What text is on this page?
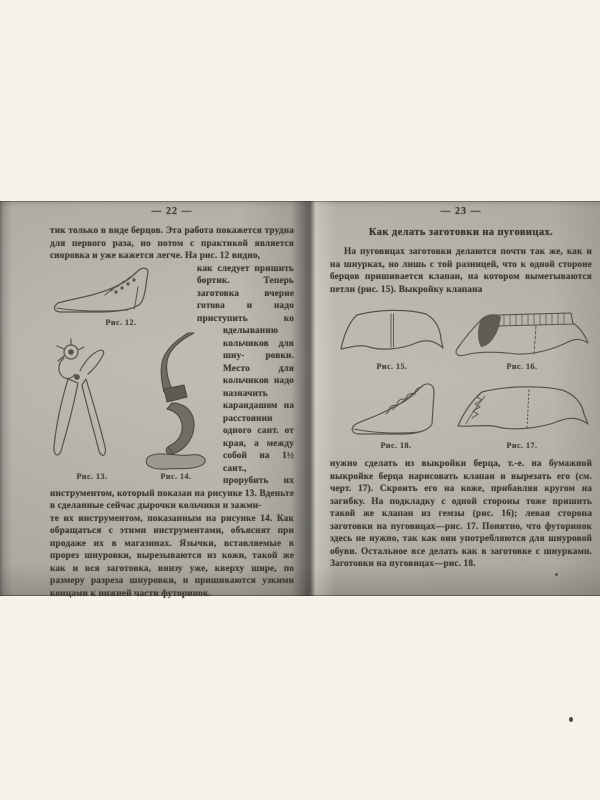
— 22 —

тик только в виде берцов. Эта работа покажется трудна для первого раза, но потом с практикой является сноровка и уже кажется легче. На рис. 12 видно,

Рис. 12.
Рис. 13.	Рис. 14.
как следует пришить бортик. Теперь заготовка вчерне готова и надо приступить ко вделыванию кольчиков для шну- ровки. Место для кольчиков надо назначить карандашом на расстоянии одного сант. от края, а между собой на 1½ сант., прорубить их инструментом, который показан на рисунке 13. Вденьте в сделанные сейчас дырочки кольчики и зажми-

те их инструментом, показанным на рисунке 14. Как обращаться с этими инструментами, объяснят при продаже их в магазинах. Язычки, вставляемые в прорез шнуровки, вырезываются из кожи, такой же как и вся заготовка, внизу уже, кверху шире, по размеру разреза шнуровки, и пришиваются узкими концами к нижней части футоринок.

— 23 —
Как делать заготовки на пуговицах.

На пуговицах заготовки делаются почти так же, как и на шнурках, но лишь с той разницей, что к одной стороне берцов пришивается клапан, на котором выметываются петли (рис. 15). Выкройку клапана

Рис. 15.	Рис. 16.
Рис. 18.	Рис. 17.

нужно сделать из выкройки берца, т.-е. на бумажной выкройке берца нарисовать клапан и вырезать его (см. черт. 17). Скроить его на коже, прибавляя кругом на загибку. На подкладку с одной стороны тоже пришить такой же клапан из гемзы (рис. 16); левая сторона заготовки на пуговицах—рис. 17. Понятно, что футоринок здесь не нужно, так как они употребляются для шнуровой обуви. Остальное все делать как в заготовке с шнурками. Заготовки на пуговицах—рис. 18.
